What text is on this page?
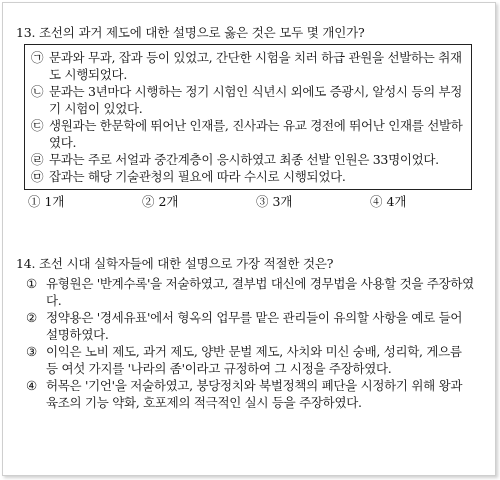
13. 조선의 과거 제도에 대한 설명으로 옳은 것은 모두 몇 개인가?
㉠ 문과와 무과, 잡과 등이 있었고, 간단한 시험을 치러 하급 관원을 선발하는 취재도 시행되었다.
㉡ 문과는 3년마다 시행하는 정기 시험인 식년시 외에도 증광시, 알성시 등의 부정기 시험이 있었다.
㉢ 생원과는 한문학에 뛰어난 인재를, 진사과는 유교 경전에 뛰어난 인재를 선발하였다.
㉣ 무과는 주로 서얼과 중간계층이 응시하였고 최종 선발 인원은 33명이었다.
㉤ 잡과는 해당 기술관청의 필요에 따라 수시로 시행되었다.
① 1개	② 2개	③ 3개	④ 4개
14. 조선 시대 실학자들에 대한 설명으로 가장 적절한 것은?
① 유형원은 '반계수록'을 저술하였고, 결부법 대신에 경무법을 사용할 것을 주장하였다.
② 정약용은 '경세유표'에서 형옥의 업무를 맡은 관리들이 유의할 사항을 예로 들어 설명하였다.
③ 이익은 노비 제도, 과거 제도, 양반 문벌 제도, 사치와 미신 숭배, 성리학, 게으름 등 여섯 가지를 '나라의 좀'이라고 규정하여 그 시정을 주장하였다.
④ 허목은 '기언'을 저술하였고, 붕당정치와 북벌정책의 폐단을 시정하기 위해 왕과 육조의 기능 약화, 호포제의 적극적인 실시 등을 주장하였다.
